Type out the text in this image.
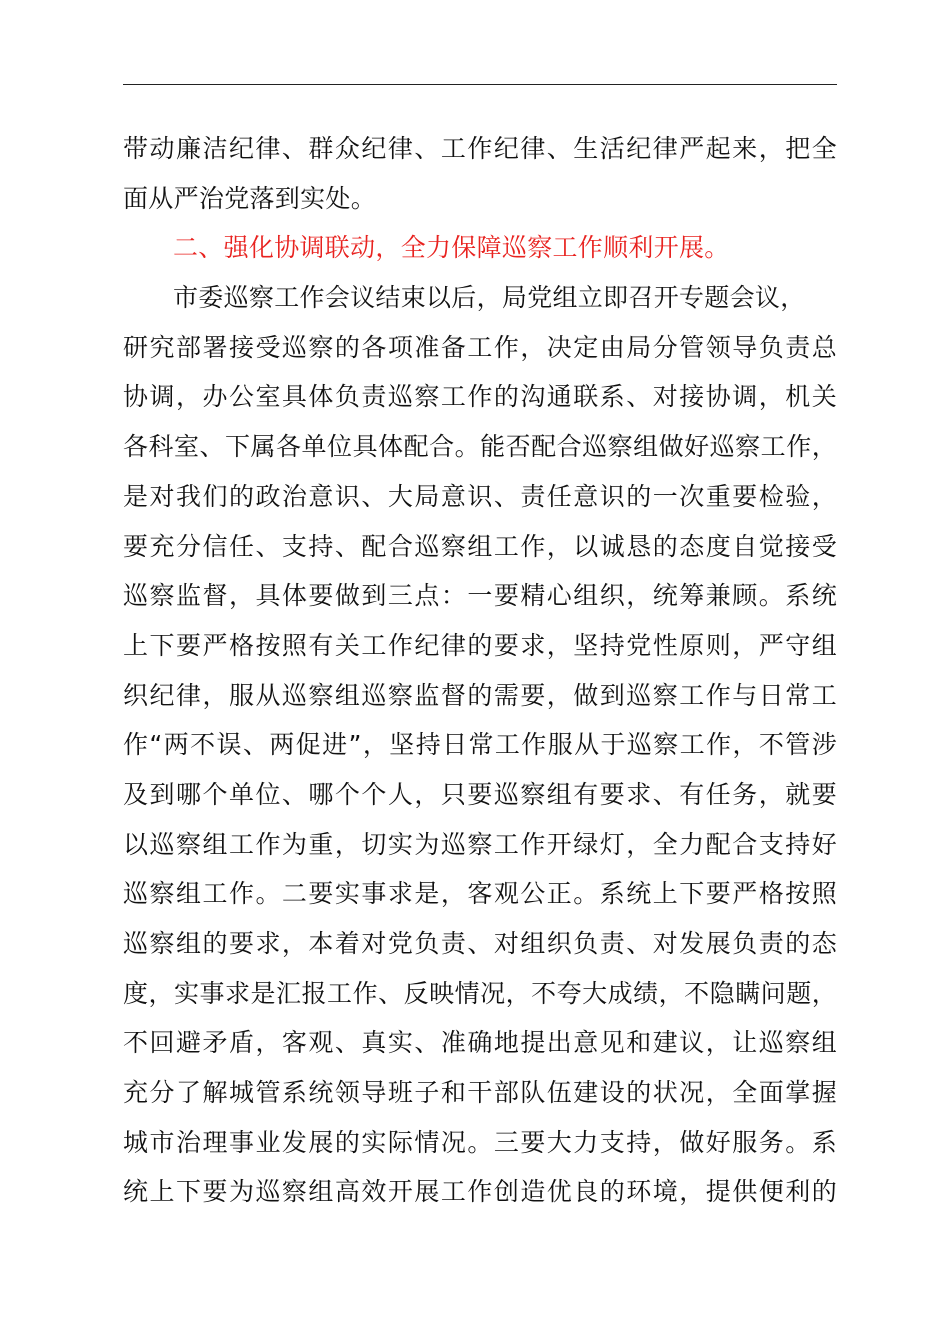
带动廉洁纪律、群众纪律、工作纪律、生活纪律严起来，把全
面从严治党落到实处。
二、强化协调联动，全力保障巡察工作顺利开展。
市委巡察工作会议结束以后，局党组立即召开专题会议，
研究部署接受巡察的各项准备工作，决定由局分管领导负责总
协调，办公室具体负责巡察工作的沟通联系、对接协调，机关
各科室、下属各单位具体配合。能否配合巡察组做好巡察工作，
是对我们的政治意识、大局意识、责任意识的一次重要检验，
要充分信任、支持、配合巡察组工作，以诚恳的态度自觉接受
巡察监督，具体要做到三点：一要精心组织，统筹兼顾。系统
上下要严格按照有关工作纪律的要求，坚持党性原则，严守组
织纪律，服从巡察组巡察监督的需要，做到巡察工作与日常工
作“两不误、两促进”，坚持日常工作服从于巡察工作，不管涉
及到哪个单位、哪个个人，只要巡察组有要求、有任务，就要
以巡察组工作为重，切实为巡察工作开绿灯，全力配合支持好
巡察组工作。二要实事求是，客观公正。系统上下要严格按照
巡察组的要求，本着对党负责、对组织负责、对发展负责的态
度，实事求是汇报工作、反映情况，不夸大成绩，不隐瞒问题，
不回避矛盾，客观、真实、准确地提出意见和建议，让巡察组
充分了解城管系统领导班子和干部队伍建设的状况，全面掌握
城市治理事业发展的实际情况。三要大力支持，做好服务。系
统上下要为巡察组高效开展工作创造优良的环境，提供便利的
